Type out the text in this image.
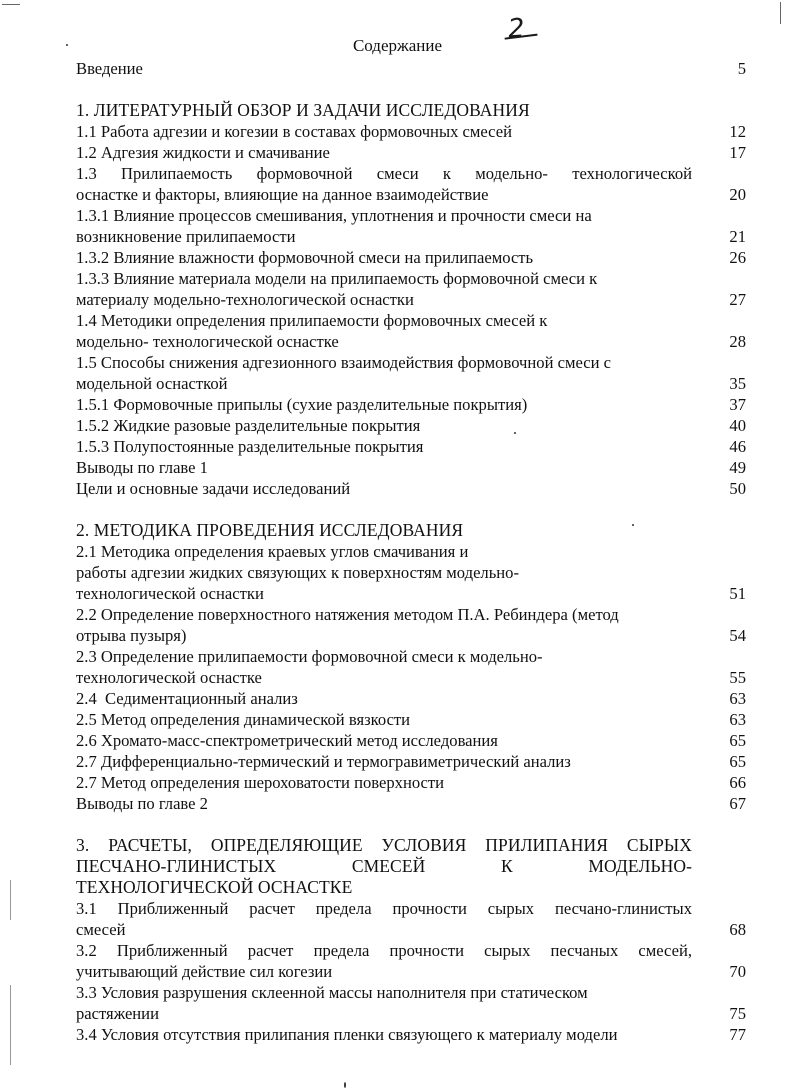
2
Содержание
Введение	5
1. ЛИТЕРАТУРНЫЙ ОБЗОР И ЗАДАЧИ ИССЛЕДОВАНИЯ
1.1 Работа адгезии и когезии в составах формовочных смесей	12
1.2 Адгезия жидкости и смачивание	17
1.3 Прилипаемость формовочной смеси к модельно- технологической
оснастке и факторы, влияющие на данное взаимодействие	20
1.3.1 Влияние процессов смешивания, уплотнения и прочности смеси на
возникновение прилипаемости	21
1.3.2 Влияние влажности формовочной смеси на прилипаемость	26
1.3.3 Влияние материала модели на прилипаемость формовочной смеси к
материалу модельно-технологической оснастки	27
1.4 Методики определения прилипаемости формовочных смесей к
модельно- технологической оснастке	28
1.5 Способы снижения адгезионного взаимодействия формовочной смеси с
модельной оснасткой	35
1.5.1 Формовочные припылы (сухие разделительные покрытия)	37
1.5.2 Жидкие разовые разделительные покрытия	40
1.5.3 Полупостоянные разделительные покрытия	46
Выводы по главе 1	49
Цели и основные задачи исследований	50
2. МЕТОДИКА ПРОВЕДЕНИЯ ИССЛЕДОВАНИЯ
2.1 Методика определения краевых углов смачивания и
работы адгезии жидких связующих к поверхностям модельно-
технологической оснастки	51
2.2 Определение поверхностного натяжения методом П.А. Ребиндера (метод
отрыва пузыря)	54
2.3 Определение прилипаемости формовочной смеси к модельно-
технологической оснастке	55
2.4  Седиментационный анализ	63
2.5 Метод определения динамической вязкости	63
2.6 Хромато-масс-спектрометрический метод исследования	65
2.7 Дифференциально-термический и термогравиметрический анализ	65
2.7 Метод определения шероховатости поверхности	66
Выводы по главе 2	67
3. РАСЧЕТЫ, ОПРЕДЕЛЯЮЩИЕ УСЛОВИЯ ПРИЛИПАНИЯ СЫРЫХ
ПЕСЧАНО-ГЛИНИСТЫХ СМЕСЕЙ К МОДЕЛЬНО-
ТЕХНОЛОГИЧЕСКОЙ ОСНАСТКЕ
3.1 Приближенный расчет предела прочности сырых песчано-глинистых
смесей	68
3.2 Приближенный расчет предела прочности сырых песчаных смесей,
учитывающий действие сил когезии	70
3.3 Условия разрушения склеенной массы наполнителя при статическом
растяжении	75
3.4 Условия отсутствия прилипания пленки связующего к материалу модели	77
